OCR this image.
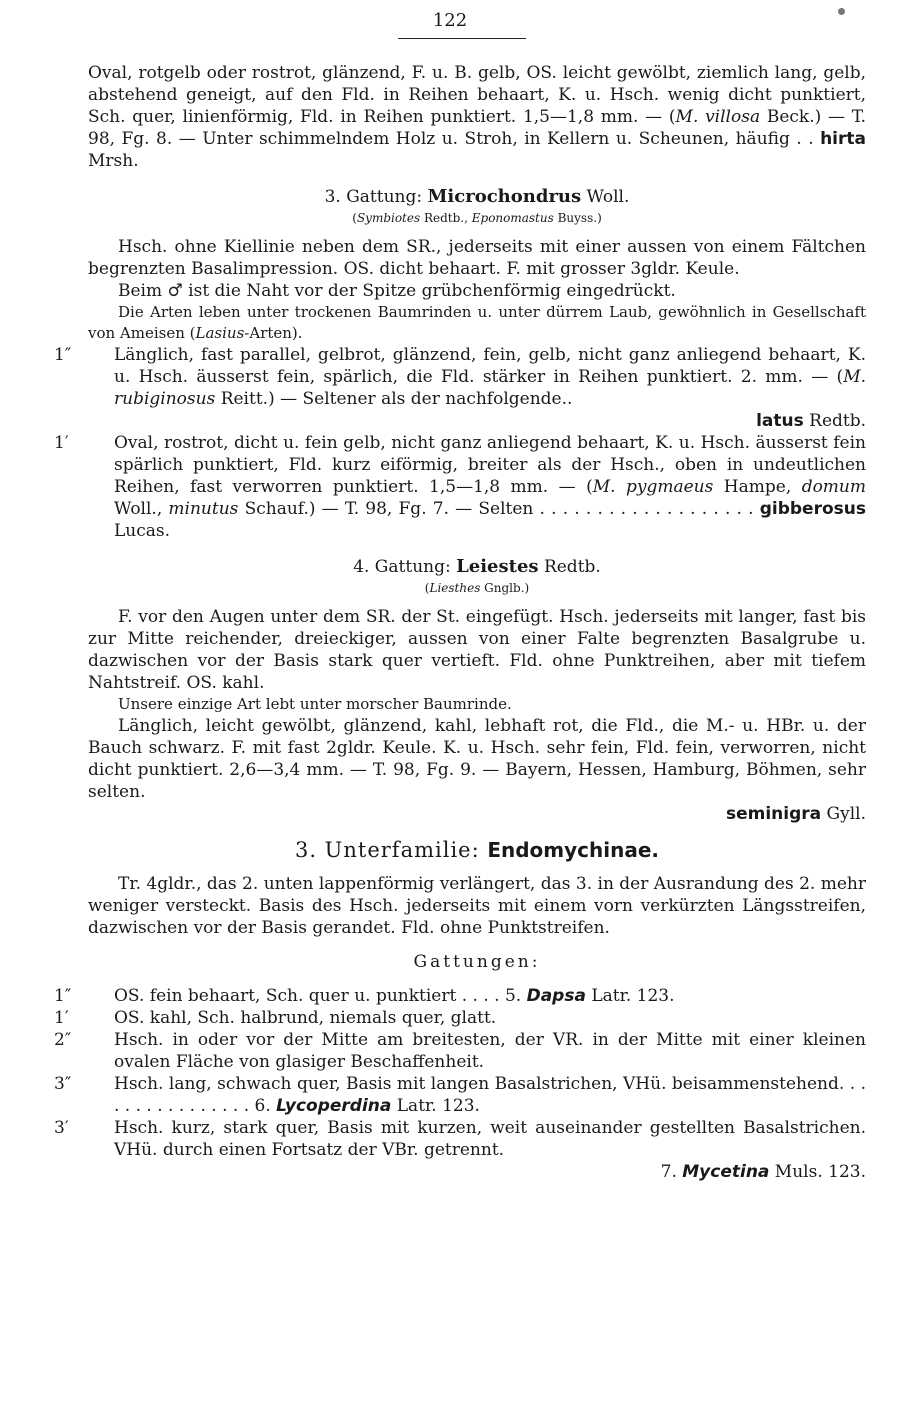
122

Oval, rotgelb oder rostrot, glänzend, F. u. B. gelb, OS. leicht gewölbt, ziemlich lang, gelb, abstehend geneigt, auf den Fld. in Reihen behaart, K. u. Hsch. wenig dicht punktiert, Sch. quer, linienförmig, Fld. in Reihen punktiert. 1,5—1,8 mm. — (M. villosa Beck.) — T. 98, Fg. 8. — Unter schimmelndem Holz u. Stroh, in Kellern u. Scheunen, häufig . . hirta Mrsh.

3. Gattung: Microchondrus Woll.
(Symbiotes Redtb., Eponomastus Buyss.)

Hsch. ohne Kiellinie neben dem SR., jederseits mit einer aussen von einem Fältchen begrenzten Basalimpression. OS. dicht behaart. F. mit grosser 3gldr. Keule.

Beim ♂ ist die Naht vor der Spitze grübchenförmig eingedrückt.

Die Arten leben unter trockenen Baumrinden u. unter dürrem Laub, gewöhnlich in Gesellschaft von Ameisen (Lasius-Arten).

1″	Länglich, fast parallel, gelbrot, glänzend, fein, gelb, nicht ganz anliegend behaart, K. u. Hsch. äusserst fein, spärlich, die Fld. stärker in Reihen punktiert. 2. mm. — (M. rubiginosus Reitt.) — Seltener als der nachfolgende..

latus Redtb.

1′	Oval, rostrot, dicht u. fein gelb, nicht ganz anliegend behaart, K. u. Hsch. äusserst fein spärlich punktiert, Fld. kurz eiförmig, breiter als der Hsch., oben in undeutlichen Reihen, fast verworren punktiert. 1,5—1,8 mm. — (M. pygmaeus Hampe, domum Woll., minutus Schauf.) — T. 98, Fg. 7. — Selten . . . . . . . . . . . . . . . . . . . gibberosus Lucas.

4. Gattung: Leiestes Redtb.
(Liesthes Gnglb.)

F. vor den Augen unter dem SR. der St. eingefügt. Hsch. jederseits mit langer, fast bis zur Mitte reichender, dreieckiger, aussen von einer Falte begrenzten Basalgrube u. dazwischen vor der Basis stark quer vertieft. Fld. ohne Punktreihen, aber mit tiefem Nahtstreif. OS. kahl.

Unsere einzige Art lebt unter morscher Baumrinde.

Länglich, leicht gewölbt, glänzend, kahl, lebhaft rot, die Fld., die M.- u. HBr. u. der Bauch schwarz. F. mit fast 2gldr. Keule. K. u. Hsch. sehr fein, Fld. fein, verworren, nicht dicht punktiert. 2,6—3,4 mm. — T. 98, Fg. 9. — Bayern, Hessen, Hamburg, Böhmen, sehr selten.

seminigra Gyll.

3. Unterfamilie: Endomychinae.

Tr. 4gldr., das 2. unten lappenförmig verlängert, das 3. in der Ausrandung des 2. mehr weniger versteckt. Basis des Hsch. jederseits mit einem vorn verkürzten Längsstreifen, dazwischen vor der Basis gerandet. Fld. ohne Punktstreifen.

Gattungen:
1″	OS. fein behaart, Sch. quer u. punktiert . . . . 5. Dapsa Latr. 123.

1′	OS. kahl, Sch. halbrund, niemals quer, glatt.

2″	Hsch. in oder vor der Mitte am breitesten, der VR. in der Mitte mit einer kleinen ovalen Fläche von glasiger Beschaffenheit.

3″	Hsch. lang, schwach quer, Basis mit langen Basalstrichen, VHü. beisammenstehend. . . . . . . . . . . . . . . . 6. Lycoperdina Latr. 123.

3′	Hsch. kurz, stark quer, Basis mit kurzen, weit auseinander gestellten Basalstrichen. VHü. durch einen Fortsatz der VBr. getrennt.

7. Mycetina Muls. 123.
